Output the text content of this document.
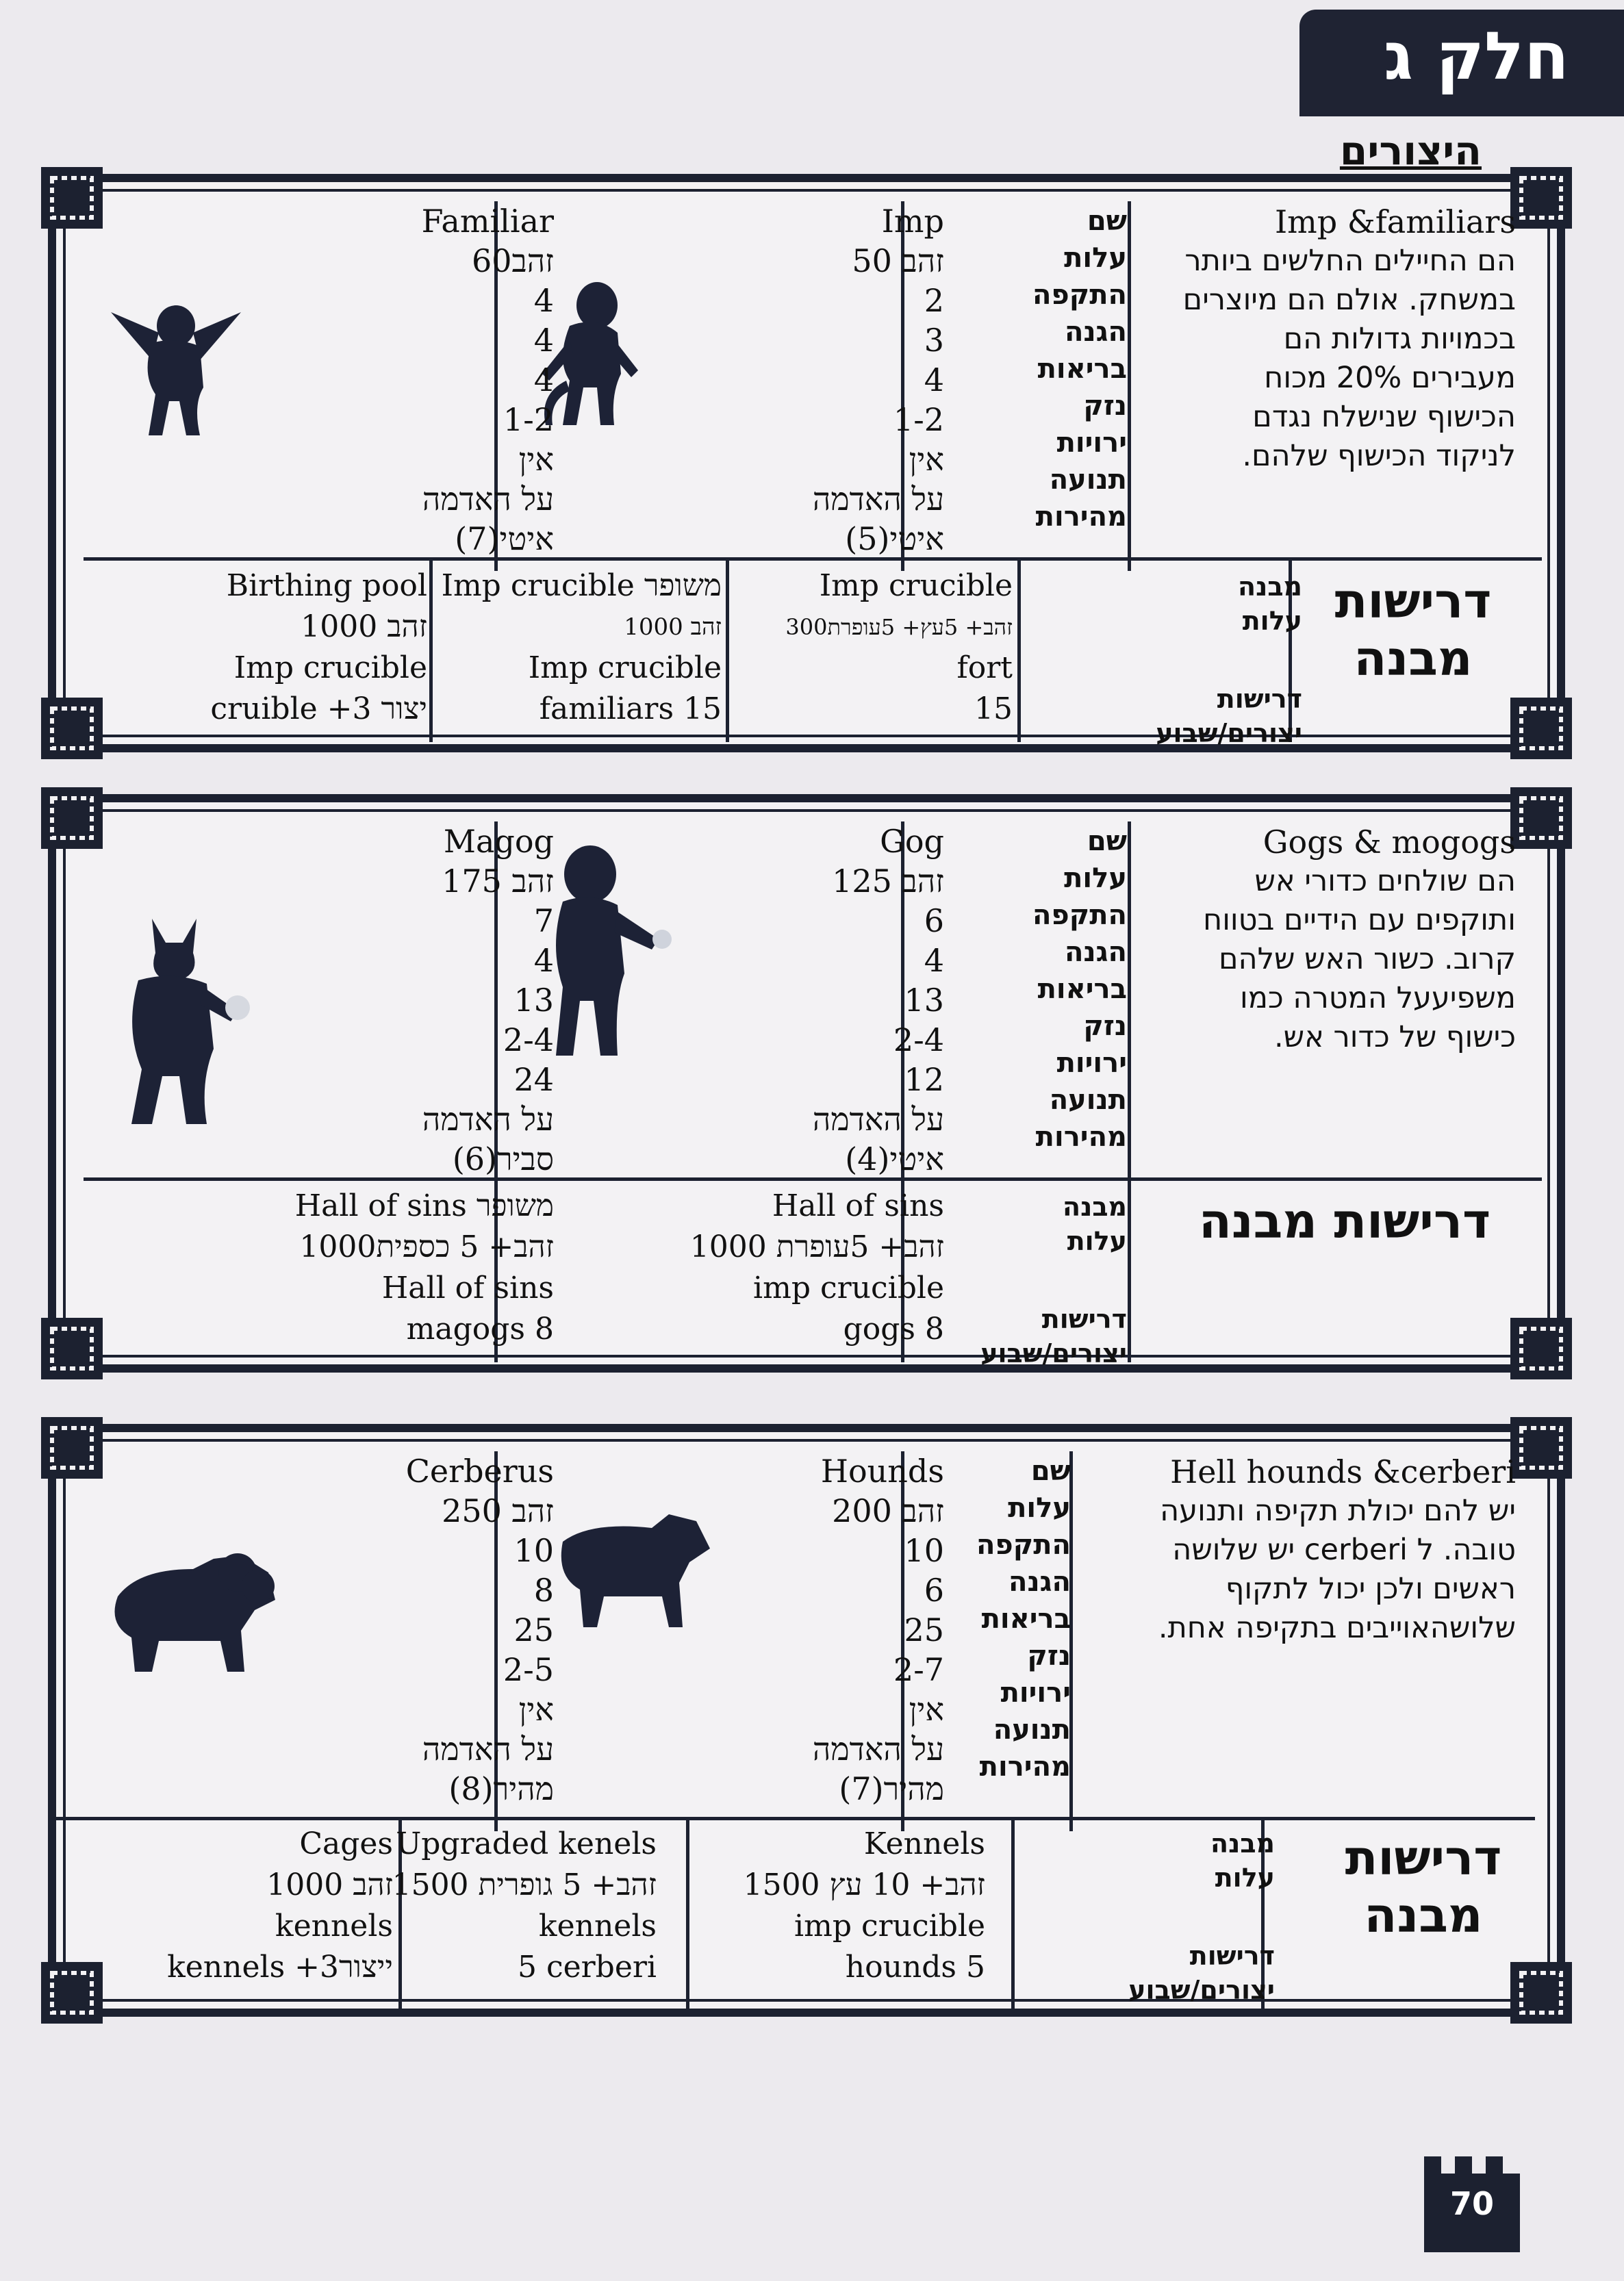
חלק ג
היצורים
Imp &familiars
הם החיילים החלשים ביותר
במשחק. אולם הם מיוצרים
בכמויות גדולות הם
מעבירים 20% מכוח
הכישוף שנישלח נגדם
לניקוד הכישוף שלהם.
שם
עלות
התקפה
הגנה
בריאות
נזק
ירויות
תנועה
מהירות
Imp
50 זהב
2
3
4
1-2
אין
על האדמה
איטי(5)
Familiar
60זהב
4
4
4
1-2
אין
על האדמה
איטי(7)
דרישות מבנה
מבנה
עלות
דרישות
יצורים/שבוע
Imp crucible
300זהב+ 5עץ+ 5עופרת
fort
15
Imp crucible משופר
1000 זהב
Imp crucible
familiars 15
Birthing pool
1000 זהב
Imp crucible
cruible +3 יצור
Gogs & mogogs
הם שולחים כדורי אש
ותוקפים עם הידיים בטווח
קרוב. כשור האש שלהם
משפיעעל המטרה כמו
כישוף של כדור אש.
שם
עלות
התקפה
הגנה
בריאות
נזק
ירויות
תנועה
מהירות
Gog
125 זהב
6
4
13
2-4
12
על האדמה
איטי(4)
Magog
175 זהב
7
4
13
2-4
24
על האדמה
סביר(6)
דרישות מבנה
מבנה
עלות
דרישות
יצורים/שבוע
Hall of sins
1000 זהב+ 5עופרת
imp crucible
gogs 8
Hall of sins משופר
1000זהב+ 5 כספית
Hall of sins
magogs 8
Hell hounds &cerberi
יש להם יכולת תקיפה ותנועה
טובה. ל cerberi יש שלושה
ראשים ולכן יכול לתקוף
שלושהאוייבים בתקיפה אחת.
שם
עלות
התקפה
הגנה
בריאות
נזק
ירויות
תנועה
מהירות
Hounds
200 זהב
10
6
25
2-7
אין
על האדמה
מהיר(7)
Cerberus
250 זהב
10
8
25
2-5
אין
על האדמה
מהיר(8)
דרישות מבנה
מבנה
עלות
דרישות
יצורים/שבוע
Kennels
1500 זהב+ 10 עץ
imp crucible
hounds 5
Upgraded kenels
1500 זהב+ 5 גופרית
kennels
5 cerberi
Cages
1000 זהב
kennels
kennels +3ייצור
70
